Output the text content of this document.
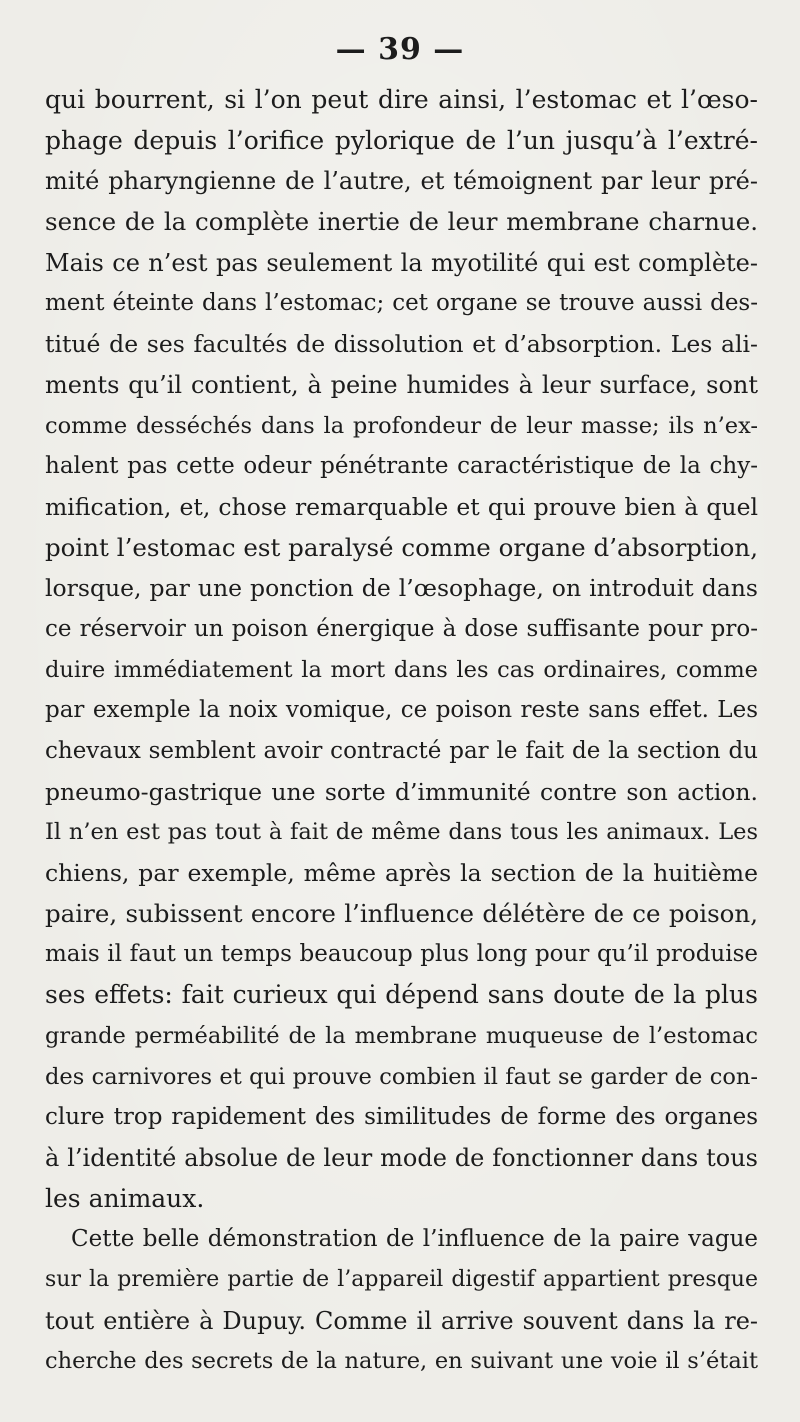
— 39 —
qui bourrent, si l’on peut dire ainsi, l’estomac et l’œso-
phage depuis l’orifice pylorique de l’un jusqu’à l’extré-
mité pharyngienne de l’autre, et témoignent par leur pré-
sence de la complète inertie de leur membrane charnue.
Mais ce n’est pas seulement la myotilité qui est complète-
ment éteinte dans l’estomac; cet organe se trouve aussi des-
titué de ses facultés de dissolution et d’absorption. Les ali-
ments qu’il contient, à peine humides à leur surface, sont
comme desséchés dans la profondeur de leur masse; ils n’ex-
halent pas cette odeur pénétrante caractéristique de la chy-
mification, et, chose remarquable et qui prouve bien à quel
point l’estomac est paralysé comme organe d’absorption,
lorsque, par une ponction de l’œsophage, on introduit dans
ce réservoir un poison énergique à dose suffisante pour pro-
duire immédiatement la mort dans les cas ordinaires, comme
par exemple la noix vomique, ce poison reste sans effet. Les
chevaux semblent avoir contracté par le fait de la section du
pneumo-gastrique une sorte d’immunité contre son action.
Il n’en est pas tout à fait de même dans tous les animaux. Les
chiens, par exemple, même après la section de la huitième
paire, subissent encore l’influence délétère de ce poison,
mais il faut un temps beaucoup plus long pour qu’il produise
ses effets: fait curieux qui dépend sans doute de la plus
grande perméabilité de la membrane muqueuse de l’estomac
des carnivores et qui prouve combien il faut se garder de con-
clure trop rapidement des similitudes de forme des organes
à l’identité absolue de leur mode de fonctionner dans tous
les animaux.
Cette belle démonstration de l’influence de la paire vague
sur la première partie de l’appareil digestif appartient presque
tout entière à Dupuy. Comme il arrive souvent dans la re-
cherche des secrets de la nature, en suivant une voie il s’était
